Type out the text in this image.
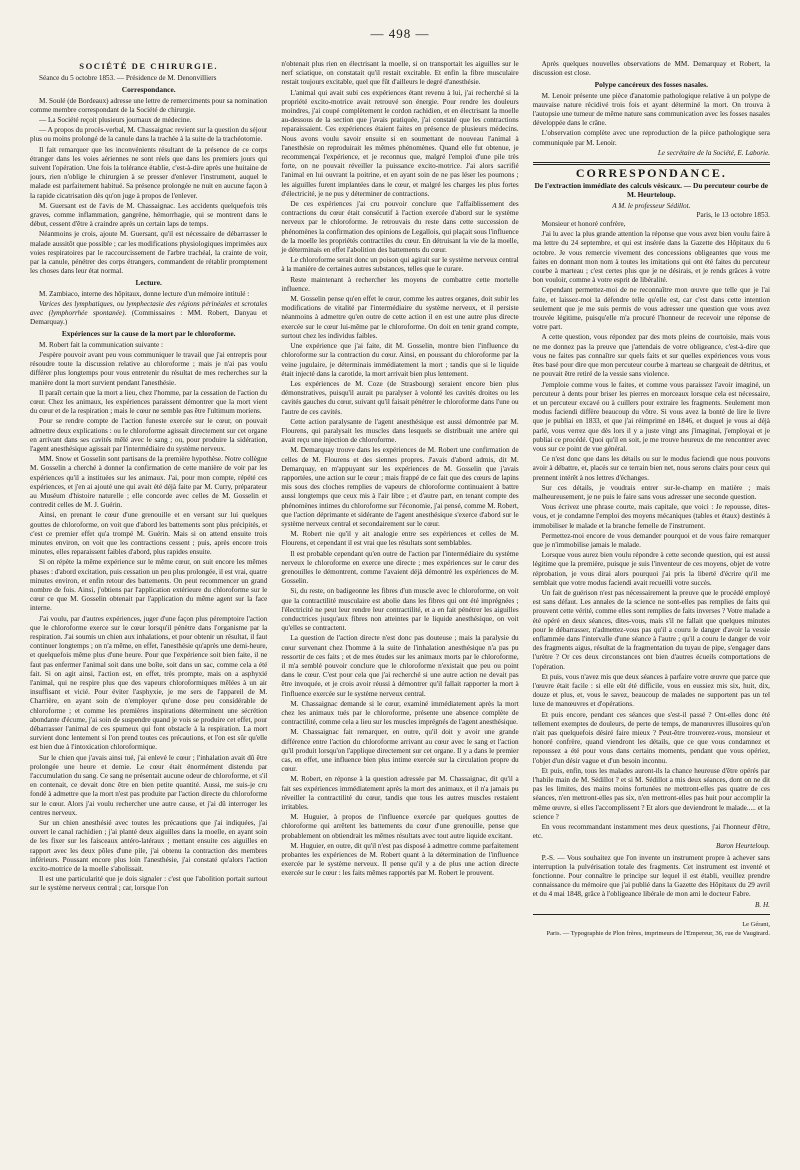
— 498 —
SOCIÉTÉ DE CHIRURGIE.

Séance du 5 octobre 1853. — Présidence de M. Denonvilliers

Correspondance.

M. Soulé (de Bordeaux) adresse une lettre de remerciments pour sa nomination comme membre correspondant de la Société de chirurgie.

— La Société reçoit plusieurs journaux de médecine.

— A propos du procès-verbal, M. Chassaignac revient sur la question du séjour plus ou moins prolongé de la canule dans la trachée à la suite de la trachéotomie.

Il fait remarquer que les inconvénients résultant de la présence de ce corps étranger dans les voies aériennes ne sont réels que dans les premiers jours qui suivent l'opération. Une fois la tolérance établie, c'est-à-dire après une huitaine de jours, rien n'oblige le chirurgien à se presser d'enlever l'instrument, auquel le malade est parfaitement habitué. Sa présence prolongée ne nuit en aucune façon à la rapide cicatrisation dès qu'on juge à propos de l'enlever.

M. Guersant est de l'avis de M. Chassaignac. Les accidents quelquefois très graves, comme inflammation, gangrène, hémorrhagie, qui se montrent dans le début, cessent d'être à craindre après un certain laps de temps.

Néanmoins je crois, ajoute M. Guersant, qu'il est nécessaire de débarrasser le malade aussitôt que possible ; car les modifications physiologiques imprimées aux voies respiratoires par le raccourcissement de l'arbre trachéal, la crainte de voir, par la canule, pénétrer des corps étrangers, commandent de rétablir promptement les choses dans leur état normal.

Lecture.

M. Zambiaco, interne des hôpitaux, donne lecture d'un mémoire intitulé :

Varices des lymphatiques, ou lymphectasie des régions périnéales et scrotales avec (lymphorrhée spontanée). (Commissaires : MM. Robert, Danyau et Demarquay.)

Expériences sur la cause de la mort par le chloroforme.

M. Robert fait la communication suivante :

J'espère pouvoir avant peu vous communiquer le travail que j'ai entrepris pour résoudre toute la discussion relative au chloroforme ; mais je n'ai pas voulu différer plus longtemps pour vous entretenir du résultat de mes recherches sur la manière dont la mort survient pendant l'anesthésie.

Il paraît certain que la mort a lieu, chez l'homme, par la cessation de l'action du cœur. Chez les animaux, les expériences paraissent démontrer que la mort vient du cœur et de la respiration ; mais le cœur ne semble pas être l'ultimum moriens.

Pour se rendre compte de l'action funeste exercée sur le cœur, on pouvait admettre deux explications : ou le chloroforme agissait directement sur cet organe en arrivant dans ses cavités mêlé avec le sang ; ou, pour produire la sidération, l'agent anesthésique agissait par l'intermédiaire du système nerveux.

MM. Snow et Gosselin sont partisans de la première hypothèse. Notre collègue M. Gosselin a cherché à donner la confirmation de cette manière de voir par les expériences qu'il a instituées sur les animaux. J'ai, pour mon compte, répété ces expériences, et j'en ai ajouté une qui avait été déjà faite par M. Curry, préparateur au Muséum d'histoire naturelle ; elle concorde avec celles de M. Gosselin et contredit celles de M. J. Guérin.

Ainsi, en prenant le cœur d'une grenouille et en versant sur lui quelques gouttes de chloroforme, on voit que d'abord les battements sont plus précipités, et c'est ce premier effet qu'a trompé M. Guérin. Mais si on attend ensuite trois minutes environ, on voit que les contractions cessent ; puis, après encore trois minutes, elles reparaissent faibles d'abord, plus rapides ensuite.

Si on répète la même expérience sur le même cœur, on suit encore les mêmes phases : d'abord excitation, puis cessation un peu plus prolongée, il est vrai, quatre minutes environ, et enfin retour des battements. On peut recommencer un grand nombre de fois. Ainsi, j'obtiens par l'application extérieure du chloroforme sur le cœur ce que M. Gosselin obtenait par l'application du même agent sur la face interne.

J'ai voulu, par d'autres expériences, juger d'une façon plus péremptoire l'action que le chloroforme exerce sur le cœur lorsqu'il pénètre dans l'organisme par la respiration. J'ai soumis un chien aux inhalations, et pour obtenir un résultat, il faut continuer longtemps ; on n'a même, en effet, l'anesthésie qu'après une demi-heure, et quelquefois même plus d'une heure. Pour que l'expérience soit bien faite, il ne faut pas enfermer l'animal soit dans une boîte, soit dans un sac, comme cela a été fait. Si on agit ainsi, l'action est, en effet, très prompte, mais on a asphyxié l'animal, qui ne respire plus que des vapeurs chloroformiques mêlées à un air insuffisant et vicié. Pour éviter l'asphyxie, je me sers de l'appareil de M. Charrière, en ayant soin de n'employer qu'une dose peu considérable de chloroforme ; et comme les premières inspirations déterminent une sécrétion abondante d'écume, j'ai soin de suspendre quand je vois se produire cet effet, pour débarrasser l'animal de ces spumeux qui font obstacle à la respiration. La mort survient donc lentement si l'on prend toutes ces précautions, et l'on est sûr qu'elle est bien due à l'intoxication chloroformique.

Sur le chien que j'avais ainsi tué, j'ai enlevé le cœur ; l'inhalation avait dû être prolongée une heure et demie. Le cœur était énormément distendu par l'accumulation du sang. Ce sang ne présentait aucune odeur de chloroforme, et s'il en contenait, ce devait donc être en bien petite quantité. Aussi, me suis-je cru fondé à admettre que la mort n'est pas produite par l'action directe du chloroforme sur le cœur. Alors j'ai voulu rechercher une autre cause, et j'ai dû interroger les centres nerveux.

Sur un chien anesthésié avec toutes les précautions que j'ai indiquées, j'ai ouvert le canal rachidien ; j'ai planté deux aiguilles dans la moelle, en ayant soin de les fixer sur les faisceaux antéro-latéraux ; mettant ensuite ces aiguilles en rapport avec les deux pôles d'une pile, j'ai obtenu la contraction des membres inférieurs. Poussant encore plus loin l'anesthésie, j'ai constaté qu'alors l'action excito-motrice de la moelle s'abolissait.

Il est une particularité que je dois signaler : c'est que l'abolition portait surtout sur le système nerveux central ; car, lorsque l'on

n'obtenait plus rien en électrisant la moelle, si on transportait les aiguilles sur le nerf sciatique, on constatait qu'il restait excitable. Et enfin la fibre musculaire restait toujours excitable, quel que fût d'ailleurs le degré d'anesthésie.

L'animal qui avait subi ces expériences étant revenu à lui, j'ai recherché si la propriété excito-motrice avait retrouvé son énergie. Pour rendre les douleurs moindres, j'ai coupé complètement le cordon rachidien, et en électrisant la moelle au-dessous de la section que j'avais pratiquée, j'ai constaté que les contractions reparaissaient. Ces expériences étaient faites en présence de plusieurs médecins. Nous avons voulu savoir ensuite si en soumettant de nouveau l'animal à l'anesthésie on reproduirait les mêmes phénomènes. Quand elle fut obtenue, je recommençai l'expérience, et je reconnus que, malgré l'emploi d'une pile très forte, on ne pouvait réveiller la puissance excito-motrice. J'ai alors sacrifié l'animal en lui ouvrant la poitrine, et en ayant soin de ne pas léser les poumons ; les aiguilles furent implantées dans le cœur, et malgré les charges les plus fortes d'électricité, je ne pus y déterminer de contractions.

De ces expériences j'ai cru pouvoir conclure que l'affaiblissement des contractions du cœur était consécutif à l'action exercée d'abord sur le système nerveux par le chloroforme. Je retrouvais du reste dans cette succession de phénomènes la confirmation des opinions de Legallois, qui plaçait sous l'influence de la moelle les propriétés contractiles du cœur. En détruisant la vie de la moelle, je déterminais en effet l'abolition des battements du cœur.

Le chloroforme serait donc un poison qui agirait sur le système nerveux central à la manière de certaines autres substances, telles que le curare.

Reste maintenant à rechercher les moyens de combattre cette mortelle influence.

M. Gosselin pense qu'en effet le cœur, comme les autres organes, doit subir les modifications de vitalité par l'intermédiaire du système nerveux, et il persiste néanmoins à admettre qu'en outre de cette action il en est une autre plus directe exercée sur le cœur lui-même par le chloroforme. On doit en tenir grand compte, surtout chez les individus faibles.

Une expérience que j'ai faite, dit M. Gosselin, montre bien l'influence du chloroforme sur la contraction du cœur. Ainsi, en poussant du chloroforme par la veine jugulaire, je déterminais immédiatement la mort ; tandis que si le liquide était injecté dans la carotide, la mort arrivait bien plus lentement.

Les expériences de M. Coze (de Strasbourg) seraient encore bien plus démonstratives, puisqu'il aurait pu paralyser à volonté les cavités droites ou les cavités gauches du cœur, suivant qu'il faisait pénétrer le chloroforme dans l'une ou l'autre de ces cavités.

Cette action paralysante de l'agent anesthésique est aussi démontrée par M. Flourens, qui paralysait les muscles dans lesquels se distribuait une artère qui avait reçu une injection de chloroforme.

M. Demarquay trouve dans les expériences de M. Robert une confirmation de celles de M. Flourens et des siennes propres. J'avais d'abord admis, dit M. Demarquay, en m'appuyant sur les expériences de M. Gosselin que j'avais rapportées, une action sur le cœur ; mais frappé de ce fait que des cœurs de lapins mis sous des cloches remplies de vapeurs de chloroforme continuaient à battre aussi longtemps que ceux mis à l'air libre ; et d'autre part, en tenant compte des phénomènes intimes du chloroforme sur l'économie, j'ai pensé, comme M. Robert, que l'action déprimante et sidérante de l'agent anesthésique s'exerce d'abord sur le système nerveux central et secondairement sur le cœur.

M. Robert nie qu'il y ait analogie entre ses expériences et celles de M. Flourens, et cependant il est vrai que les résultats sont semblables.

Il est probable cependant qu'en outre de l'action par l'intermédiaire du système nerveux le chloroforme en exerce une directe ; mes expériences sur le cœur des grenouilles le démontrent, comme l'avaient déjà démontré les expériences de M. Gosselin.

Si, du reste, on badigeonne les fibres d'un muscle avec le chloroforme, on voit que la contractilité musculaire est abolie dans les fibres qui ont été imprégnées ; l'électricité ne peut leur rendre leur contractilité, et a en fait pénétrer les aiguilles conductrices jusqu'aux fibres non atteintes par le liquide anesthésique, on voit qu'elles se contractent.

La question de l'action directe n'est donc pas douteuse ; mais la paralysie du cœur survenant chez l'homme à la suite de l'inhalation anesthésique n'a pas pu ressortir de ces faits ; et de mes études sur les animaux morts par le chloroforme, il m'a semblé pouvoir conclure que le chloroforme n'existait que peu ou point dans le cœur. C'est pour cela que j'ai recherché si une autre action ne devait pas être invoquée, et je crois avoir réussi à démontrer qu'il fallait rapporter la mort à l'influence exercée sur le système nerveux central.

M. Chassaignac demande si le cœur, examiné immédiatement après la mort chez les animaux tués par le chloroforme, présente une absence complète de contractilité, comme cela a lieu sur les muscles imprégnés de l'agent anesthésique.

M. Chassaignac fait remarquer, en outre, qu'il doit y avoir une grande différence entre l'action du chloroforme arrivant au cœur avec le sang et l'action qu'il produit lorsqu'on l'applique directement sur cet organe. Il y a dans le premier cas, en effet, une influence bien plus intime exercée sur la circulation propre du cœur.

M. Robert, en réponse à la question adressée par M. Chassaignac, dit qu'il a fait ses expériences immédiatement après la mort des animaux, et il n'a jamais pu réveiller la contractilité du cœur, tandis que tous les autres muscles restaient irritables.

M. Huguier, à propos de l'influence exercée par quelques gouttes de chloroforme qui arrêtent les battements du cœur d'une grenouille, pense que probablement on obtiendrait les mêmes résultats avec tout autre liquide excitant.

M. Huguier, en outre, dit qu'il n'est pas disposé à admettre comme parfaitement probantes les expériences de M. Robert quant à la détermination de l'influence exercée par le système nerveux. Il pense qu'il y a de plus une action directe exercée sur le cœur : les faits mêmes rapportés par M. Robert le prouvent.

Après quelques nouvelles observations de MM. Demarquay et Robert, la discussion est close.

Polype cancéreux des fosses nasales.

M. Lenoir présente une pièce d'anatomie pathologique relative à un polype de mauvaise nature récidivé trois fois et ayant déterminé la mort. On trouva à l'autopsie une tumeur de même nature sans communication avec les fosses nasales développée dans le crâne.

L'observation complète avec une reproduction de la pièce pathologique sera communiquée par M. Lenoir.

Le secrétaire de la Société, E. Laborie.
CORRESPONDANCE.
De l'extraction immédiate des calculs vésicaux. — Du percuteur courbe de M. Heurteloup.
A M. le professeur Sédillot.
Paris, le 13 octobre 1853.

Monsieur et honoré confrère,

J'ai lu avec la plus grande attention la réponse que vous avez bien voulu faire à ma lettre du 24 septembre, et qui est insérée dans la Gazette des Hôpitaux du 6 octobre. Je vous remercie vivement des concessions obligeantes que vous me faites en donnant mon nom à toutes les imitations qui ont été faites du percuteur courbe à marteau ; c'est certes plus que je ne désirais, et je rends grâces à votre bon vouloir, comme à votre esprit de libéralité.

Cependant permettez-moi de ne reconnaître mon œuvre que telle que je l'ai faite, et laissez-moi la défendre telle qu'elle est, car c'est dans cette intention seulement que je me suis permis de vous adresser une question que vous avez trouvée légitime, puisqu'elle m'a procuré l'honneur de recevoir une réponse de votre part.

A cette question, vous répondez par des mots pleins de courtoisie, mais vous ne me donnez pas la preuve que j'attendais de votre obligeance, c'est-à-dire que vous ne faites pas connaître sur quels faits et sur quelles expériences vous vous êtes basé pour dire que mon percuteur courbe à marteau se chargeait de détritus, et ne pouvait être retiré de la vessie sans violence.

J'emploie comme vous le faites, et comme vous paraissez l'avoir imaginé, un percuteur à dents pour briser les pierres en morceaux lorsque cela est nécessaire, et un percuteur excavé ou à cuillers pour extraire les fragments. Seulement mon modus faciendi diffère beaucoup du vôtre. Si vous avez la bonté de lire le livre que je publiai en 1833, et que j'ai réimprimé en 1846, et duquel je vous ai déjà parlé, vous verrez que dès lors il y a juste vingt ans j'imaginai, j'employai et je publiai ce procédé. Quoi qu'il en soit, je me trouve heureux de me rencontrer avec vous sur ce point de vue général.

Ce n'est donc que dans les détails ou sur le modus faciendi que nous pouvons avoir à débattre, et, placés sur ce terrain bien net, nous serons clairs pour ceux qui prennent intérêt à nos lettres d'échanges.

Sur ces détails, je voudrais entrer sur-le-champ en matière ; mais malheureusement, je ne puis le faire sans vous adresser une seconde question.

Vous écrivez une phrase courte, mais capitale, que voici : Je repousse, dites-vous, et je condamne l'emploi des moyens mécaniques (tables et étaux) destinés à immobiliser le malade et la branche femelle de l'instrument.

Permettez-moi encore de vous demander pourquoi et de vous faire remarquer que je n'immobilise jamais le malade.

Lorsque vous aurez bien voulu répondre à cette seconde question, qui est aussi légitime que la première, puisque je suis l'inventeur de ces moyens, objet de votre réprobation, je vous dirai alors pourquoi j'ai pris la liberté d'écrire qu'il me semblait que votre modus faciendi avait recueilli votre succès.

Un fait de guérison n'est pas nécessairement la preuve que le procédé employé est sans défaut. Les annales de la science ne sont-elles pas remplies de faits qui prouvent cette vérité, comme elles sont remplies de faits inverses ? Votre malade a été opéré en deux séances, dites-vous, mais s'il ne fallait que quelques minutes pour le débarrasser, n'admettez-vous pas qu'il a couru le danger d'avoir la vessie enflammée dans l'intervalle d'une séance à l'autre ; qu'il a couru le danger de voir des fragments aigus, résultat de la fragmentation du tuyau de pipe, s'engager dans l'urètre ? Or ces deux circonstances ont bien d'autres écueils comportations de l'opération.

Et puis, vous n'avez mis que deux séances à parfaire votre œuvre que parce que l'œuvre était facile : si elle eût été difficile, vous en eussiez mis six, huit, dix, douze et plus, et, vous le savez, beaucoup de malades ne supportent pas un tel luxe de manœuvres et d'opérations.

Et puis encore, pendant ces séances que s'est-il passé ? Ont-elles donc été tellement exemptes de douleurs, de perte de temps, de manœuvres illusoires qu'on n'ait pas quelquefois désiré faire mieux ? Peut-être trouverez-vous, monsieur et honoré confrère, quand viendront les détails, que ce que vous condamnez et repoussez a été pour vous dans certains moments, pendant que vous opériez, l'objet d'un désir vague et d'un besoin inconnu.

Et puis, enfin, tous les malades auront-ils la chance heureuse d'être opérés par l'habile main de M. Sédillot ? et si M. Sédillot a mis deux séances, dont on ne dit pas les limites, des mains moins fortunées ne mettront-elles pas quatre de ces séances, n'en mettront-elles pas six, n'en mettront-elles pas huit pour accomplir la même œuvre, si elles l'accomplissent ? Et alors que deviendront le malade..... et la science ?

En vous recommandant instamment mes deux questions, j'ai l'honneur d'être, etc.

Baron Heurteloup.

P.-S. — Vous souhaitez que l'on invente un instrument propre à achever sans interruption la pulvérisation totale des fragments. Cet instrument est inventé et fonctionne. Pour connaître le principe sur lequel il est établi, veuillez prendre connaissance du mémoire que j'ai publié dans la Gazette des Hôpitaux du 29 avril et du 4 mai 1848, grâce à l'obligeance libérale de mon ami le docteur Fabre.

B. H.
Le Gérant,
Paris. — Typographie de Plon frères, imprimeurs de l'Empereur, 36, rue de Vaugirard.
